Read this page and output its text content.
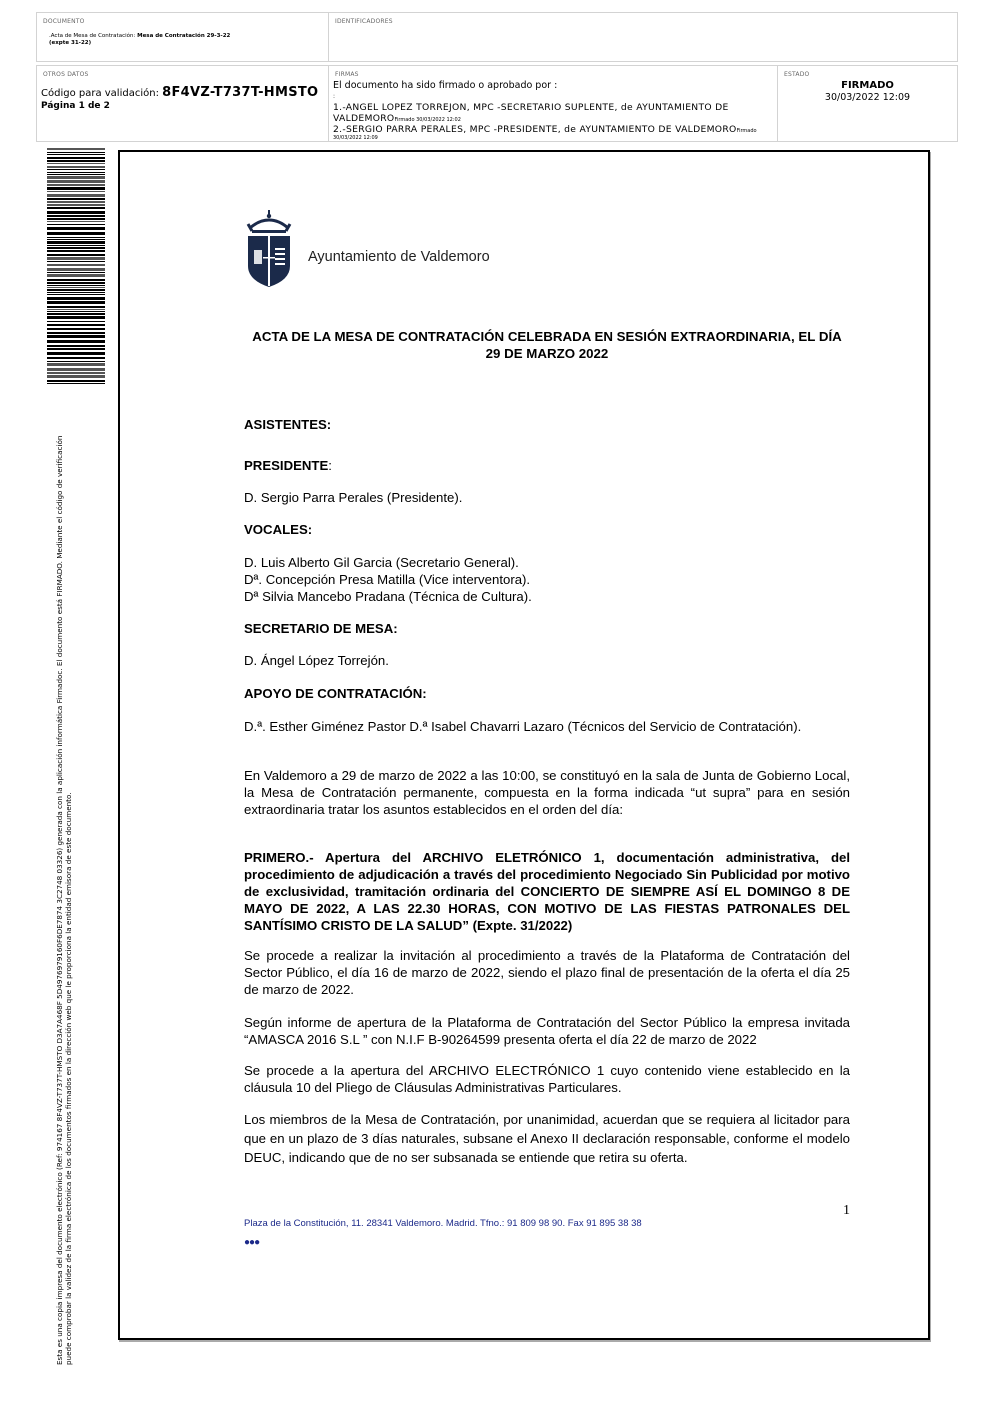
DOCUMENTO
.Acta de Mesa de Contratación: Mesa de Contratación 29-3-22
(expte 31-22)
IDENTIFICADORES
OTROS DATOS
Código para validación: 8F4VZ-T737T-HMSTO
Página 1 de 2
FIRMAS
El documento ha sido firmado o aprobado por :
:
1.-ANGEL LOPEZ TORREJON, MPC -SECRETARIO SUPLENTE, de AYUNTAMIENTO DE
VALDEMOROFirmado 30/03/2022 12:02
2.-SERGIO PARRA PERALES, MPC -PRESIDENTE, de AYUNTAMIENTO DE VALDEMOROFirmado
30/03/2022 12:09
ESTADO
FIRMADO
30/03/2022 12:09
Esta es una copia impresa del documento electrónico (Ref: 974167 8F4VZ-T737T-HMSTO D3A7A468F 5D4976979160F6DE7874 3C2748 03326) generada con la aplicación informática Firmadoc. El documento está FIRMADO. Mediante el código de verificación puede comprobar la validez de la firma electrónica de los documentos firmados en la dirección web que le proporciona la entidad emisora de este documento.
Ayuntamiento de Valdemoro
ACTA DE LA MESA DE CONTRATACIÓN CELEBRADA EN SESIÓN EXTRAORDINARIA, EL DÍA
29 DE MARZO 2022
ASISTENTES:
PRESIDENTE:
D. Sergio Parra Perales (Presidente).
VOCALES:
D. Luis Alberto Gil Garcia (Secretario General).
Dª. Concepción Presa Matilla (Vice interventora).
Dª Silvia Mancebo Pradana (Técnica de Cultura).
SECRETARIO DE MESA:
D. Ángel López Torrejón.
APOYO DE CONTRATACIÓN:
D.ª. Esther Giménez Pastor D.ª Isabel Chavarri Lazaro (Técnicos del Servicio de Contratación).
En Valdemoro a 29 de marzo de 2022 a las 10:00, se constituyó en la sala de Junta de Gobierno Local, la Mesa de Contratación permanente, compuesta en la forma indicada “ut supra” para en sesión extraordinaria tratar los asuntos establecidos en el orden del día:
PRIMERO.- Apertura del ARCHIVO ELETRÓNICO 1, documentación administrativa, del procedimiento de adjudicación a través del procedimiento Negociado Sin Publicidad por motivo de exclusividad, tramitación ordinaria del CONCIERTO DE SIEMPRE ASÍ EL DOMINGO 8 DE MAYO DE 2022, A LAS 22.30 HORAS, CON MOTIVO DE LAS FIESTAS PATRONALES DEL SANTÍSIMO CRISTO DE LA SALUD” (Expte. 31/2022)
Se procede a realizar la invitación al procedimiento a través de la Plataforma de Contratación del Sector Público, el día 16 de marzo de 2022, siendo el plazo final de presentación de la oferta el día 25 de marzo de 2022.
Según informe de apertura de la Plataforma de Contratación del Sector Público la empresa invitada “AMASCA 2016 S.L ” con N.I.F B-90264599 presenta oferta el día 22 de marzo de 2022
Se procede a la apertura del ARCHIVO ELECTRÓNICO 1 cuyo contenido viene establecido en la cláusula 10 del Pliego de Cláusulas Administrativas Particulares.
Los miembros de la Mesa de Contratación, por unanimidad, acuerdan que se requiera al licitador para que en un plazo de 3 días naturales, subsane el Anexo II declaración responsable, conforme el modelo DEUC, indicando que de no ser subsanada se entiende que retira su oferta.
1
Plaza de la Constitución, 11. 28341 Valdemoro. Madrid. Tfno.: 91 809 98 90. Fax 91 895 38 38
●●●
